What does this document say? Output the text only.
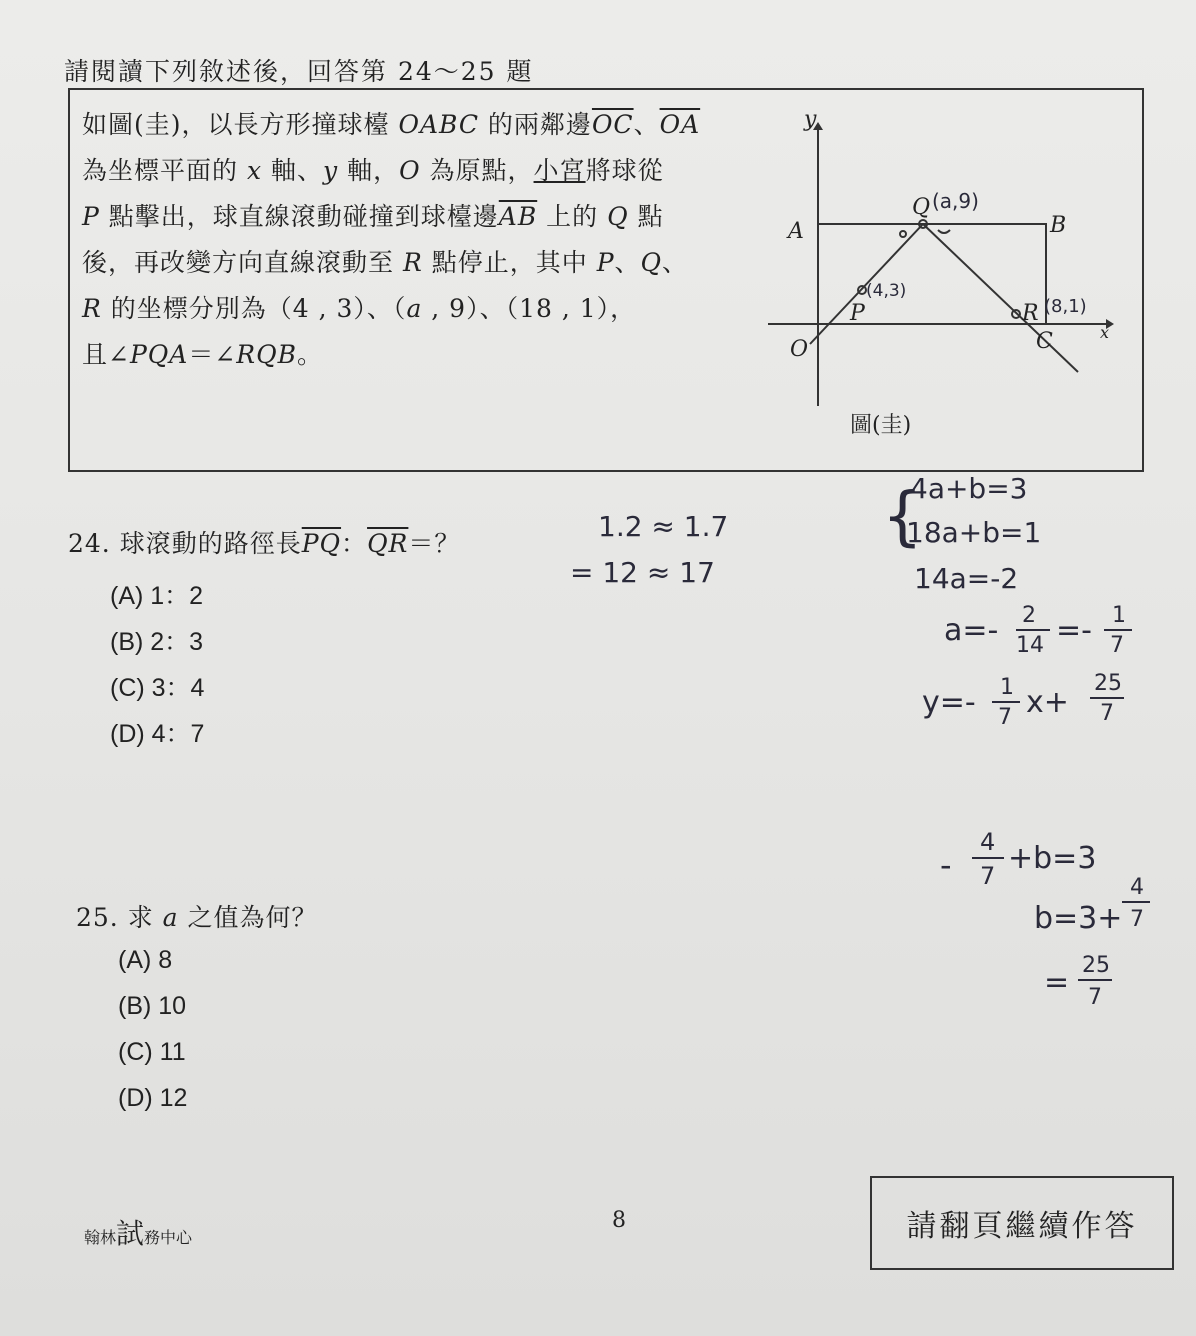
請閱讀下列敘述後，回答第 24～25 題

如圖(圭)，以長方形撞球檯 OABC 的兩鄰邊$\overline{OC}$、$\overline{OA}$

為坐標平面的 x 軸、y 軸，O 為原點，小宮將球從

P 點擊出，球直線滾動碰撞到球檯邊$\overline{AB}$ 上的 Q 點

後，再改變方向直線滾動至 R 點停止，其中 P、Q、

R 的坐標分別為（4 , 3）、（a , 9）、（18 , 1），

且∠PQA＝∠RQB。

y
x
O
A	B
C
P
Q
R
(a,9)
(4,3)
(8,1)
圖(圭)
24. 球滾動的路徑長$\overline{PQ}$：$\overline{QR}=$？
(A) 1：2
(B) 2：3
(C) 3：4
(D) 4：7
25. 求 a 之值為何？
(A) 8
(B) 10
(C) 11
(D) 12
1.2 ≈ 1.7
= 12 ≈ 17
{
4a+b=3
18a+b=1
14a=-2
a=- 2
14 =- 1
7
y=- 1
7 x+
25
7
-
4
7 +b=3
b=3+
4
7
= 25
7
翰林試務中心
8	請翻頁繼續作答
